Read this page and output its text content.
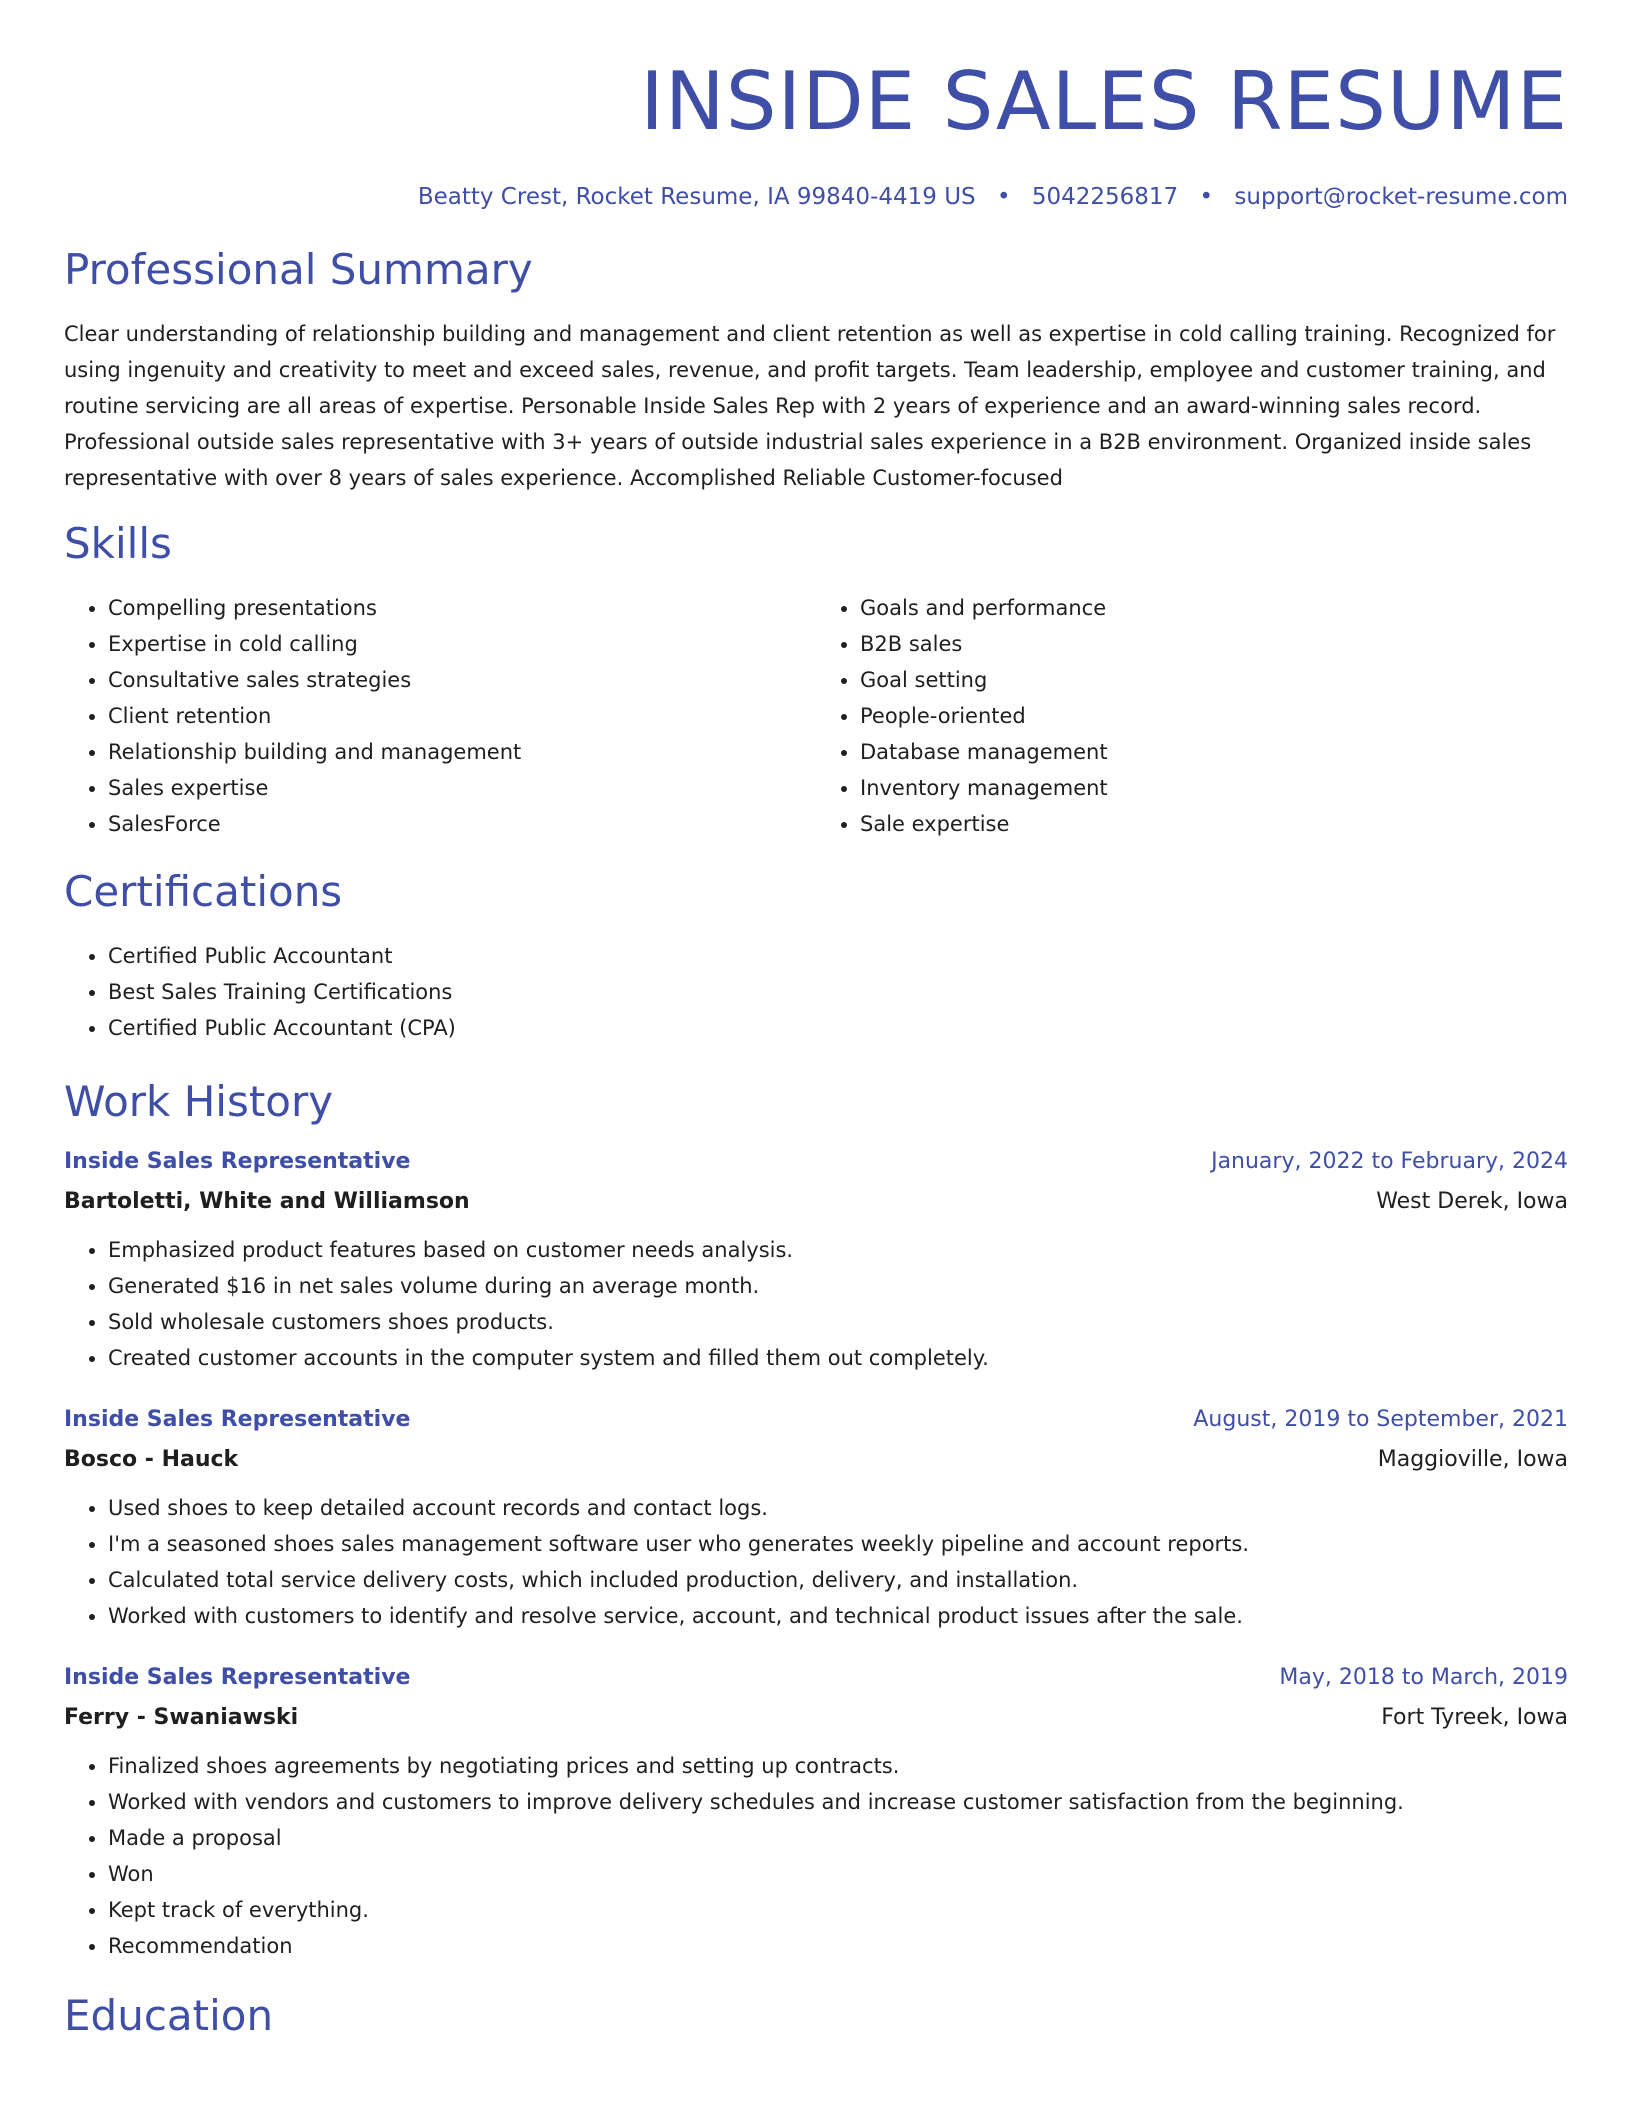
INSIDE SALES RESUME
Beatty Crest, Rocket Resume, IA 99840-4419 US • 5042256817 • support@rocket-resume.com
Professional Summary

Clear understanding of relationship building and management and client retention as well as expertise in cold calling training. Recognized for using ingenuity and creativity to meet and exceed sales, revenue, and profit targets. Team leadership, employee and customer training, and routine servicing are all areas of expertise. Personable Inside Sales Rep with 2 years of experience and an award-winning sales record. Professional outside sales representative with 3+ years of outside industrial sales experience in a B2B environment. Organized inside sales representative with over 8 years of sales experience. Accomplished Reliable Customer-focused

Skills
• Compelling presentations
• Expertise in cold calling
• Consultative sales strategies
• Client retention
• Relationship building and management
• Sales expertise
• SalesForce
• Goals and performance
• B2B sales
• Goal setting
• People-oriented
• Database management
• Inventory management
• Sale expertise
Certifications
• Certified Public Accountant
• Best Sales Training Certifications
• Certified Public Accountant (CPA)
Work History
Inside Sales Representative	January, 2022 to February, 2024
Bartoletti, White and Williamson	West Derek, Iowa
• Emphasized product features based on customer needs analysis.
• Generated $16 in net sales volume during an average month.
• Sold wholesale customers shoes products.
• Created customer accounts in the computer system and filled them out completely.
Inside Sales Representative	August, 2019 to September, 2021
Bosco - Hauck	Maggioville, Iowa
• Used shoes to keep detailed account records and contact logs.
• I'm a seasoned shoes sales management software user who generates weekly pipeline and account reports.
• Calculated total service delivery costs, which included production, delivery, and installation.
• Worked with customers to identify and resolve service, account, and technical product issues after the sale.
Inside Sales Representative	May, 2018 to March, 2019
Ferry - Swaniawski	Fort Tyreek, Iowa
• Finalized shoes agreements by negotiating prices and setting up contracts.
• Worked with vendors and customers to improve delivery schedules and increase customer satisfaction from the beginning.
• Made a proposal
• Won
• Kept track of everything.
• Recommendation
Education
